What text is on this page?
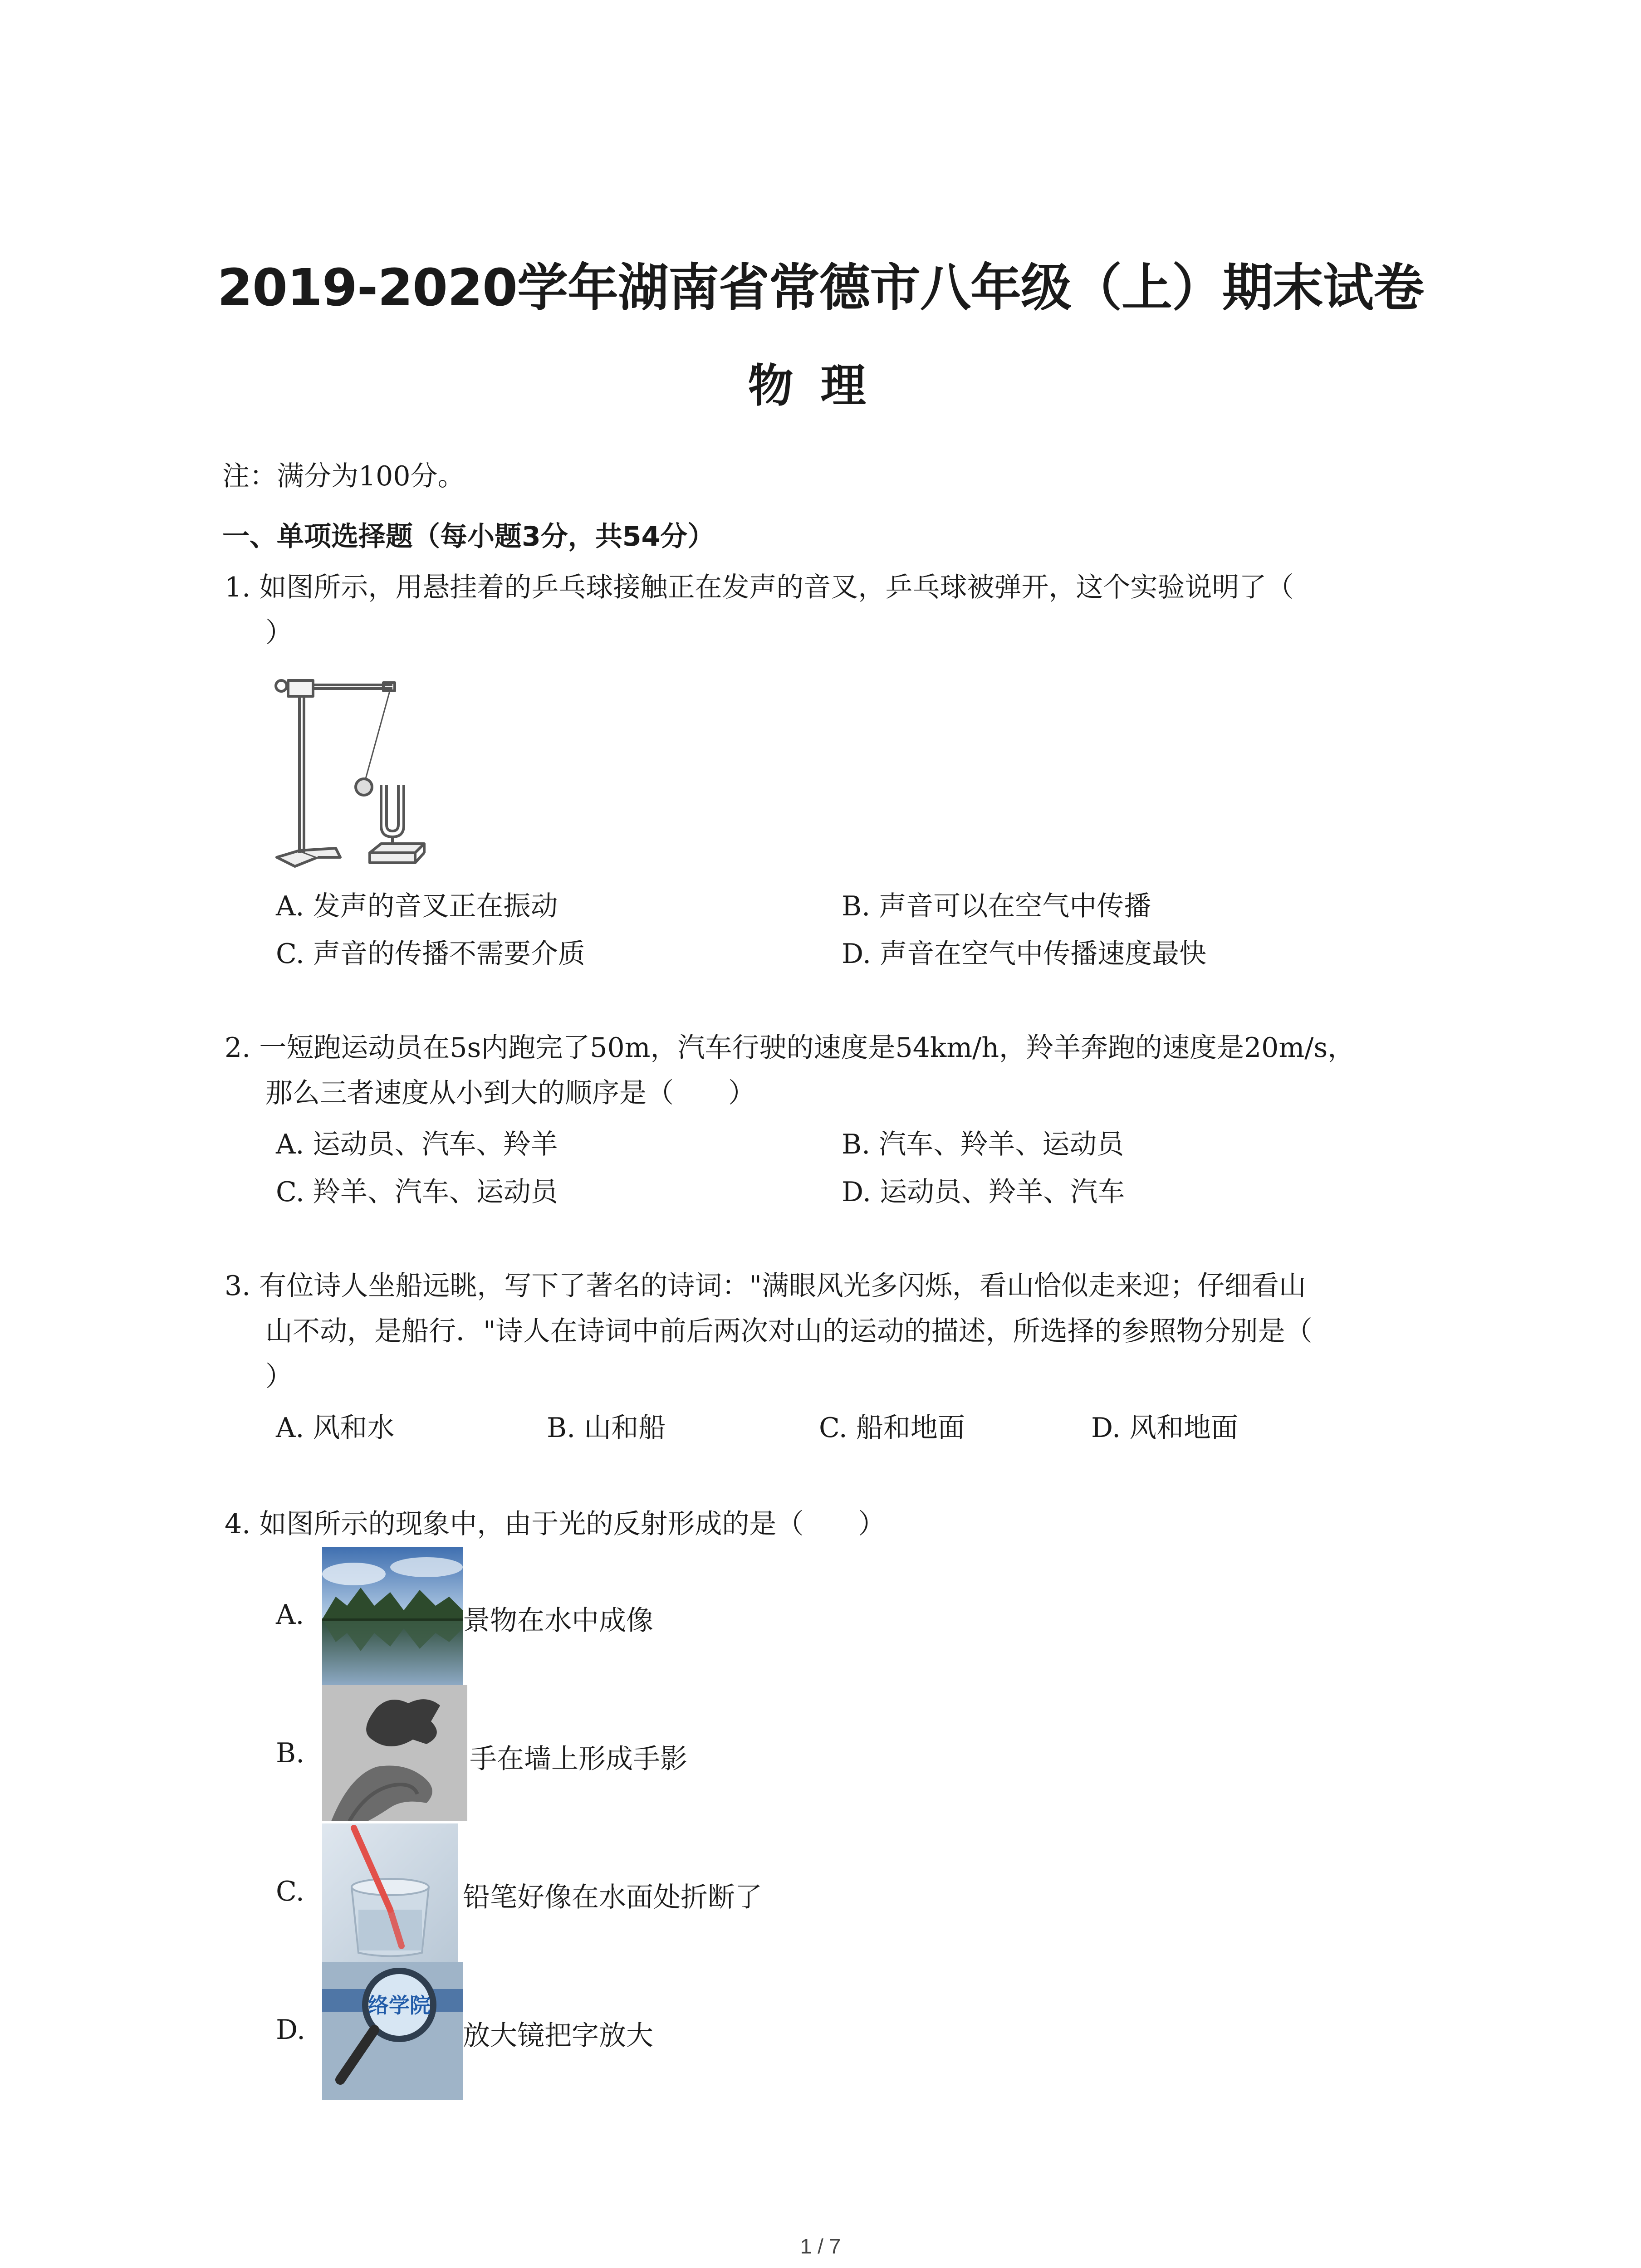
2019-2020学年湖南省常德市八年级（上）期末试卷
物理
注：满分为100分。
一、单项选择题（每小题3分，共54分）
1. 如图所示，用悬挂着的乒乓球接触正在发声的音叉，乒乓球被弹开，这个实验说明了（
）
A. 发声的音叉正在振动	B. 声音可以在空气中传播
C. 声音的传播不需要介质	D. 声音在空气中传播速度最快
2. 一短跑运动员在5s内跑完了50m，汽车行驶的速度是54km/h，羚羊奔跑的速度是20m/s，
那么三者速度从小到大的顺序是（　　）
A. 运动员、汽车、羚羊	B. 汽车、羚羊、运动员
C. 羚羊、汽车、运动员	D. 运动员、羚羊、汽车
3. 有位诗人坐船远眺，写下了著名的诗词："满眼风光多闪烁，看山恰似走来迎；仔细看山
山不动，是船行．"诗人在诗词中前后两次对山的运动的描述，所选择的参照物分别是（
）
A. 风和水	B. 山和船	C. 船和地面	D. 风和地面
4. 如图所示的现象中，由于光的反射形成的是（　　）
A.	景物在水中成像
B.	手在墙上形成手影
C.	铅笔好像在水面处折断了
D.
络学院
放大镜把字放大
1 / 7
